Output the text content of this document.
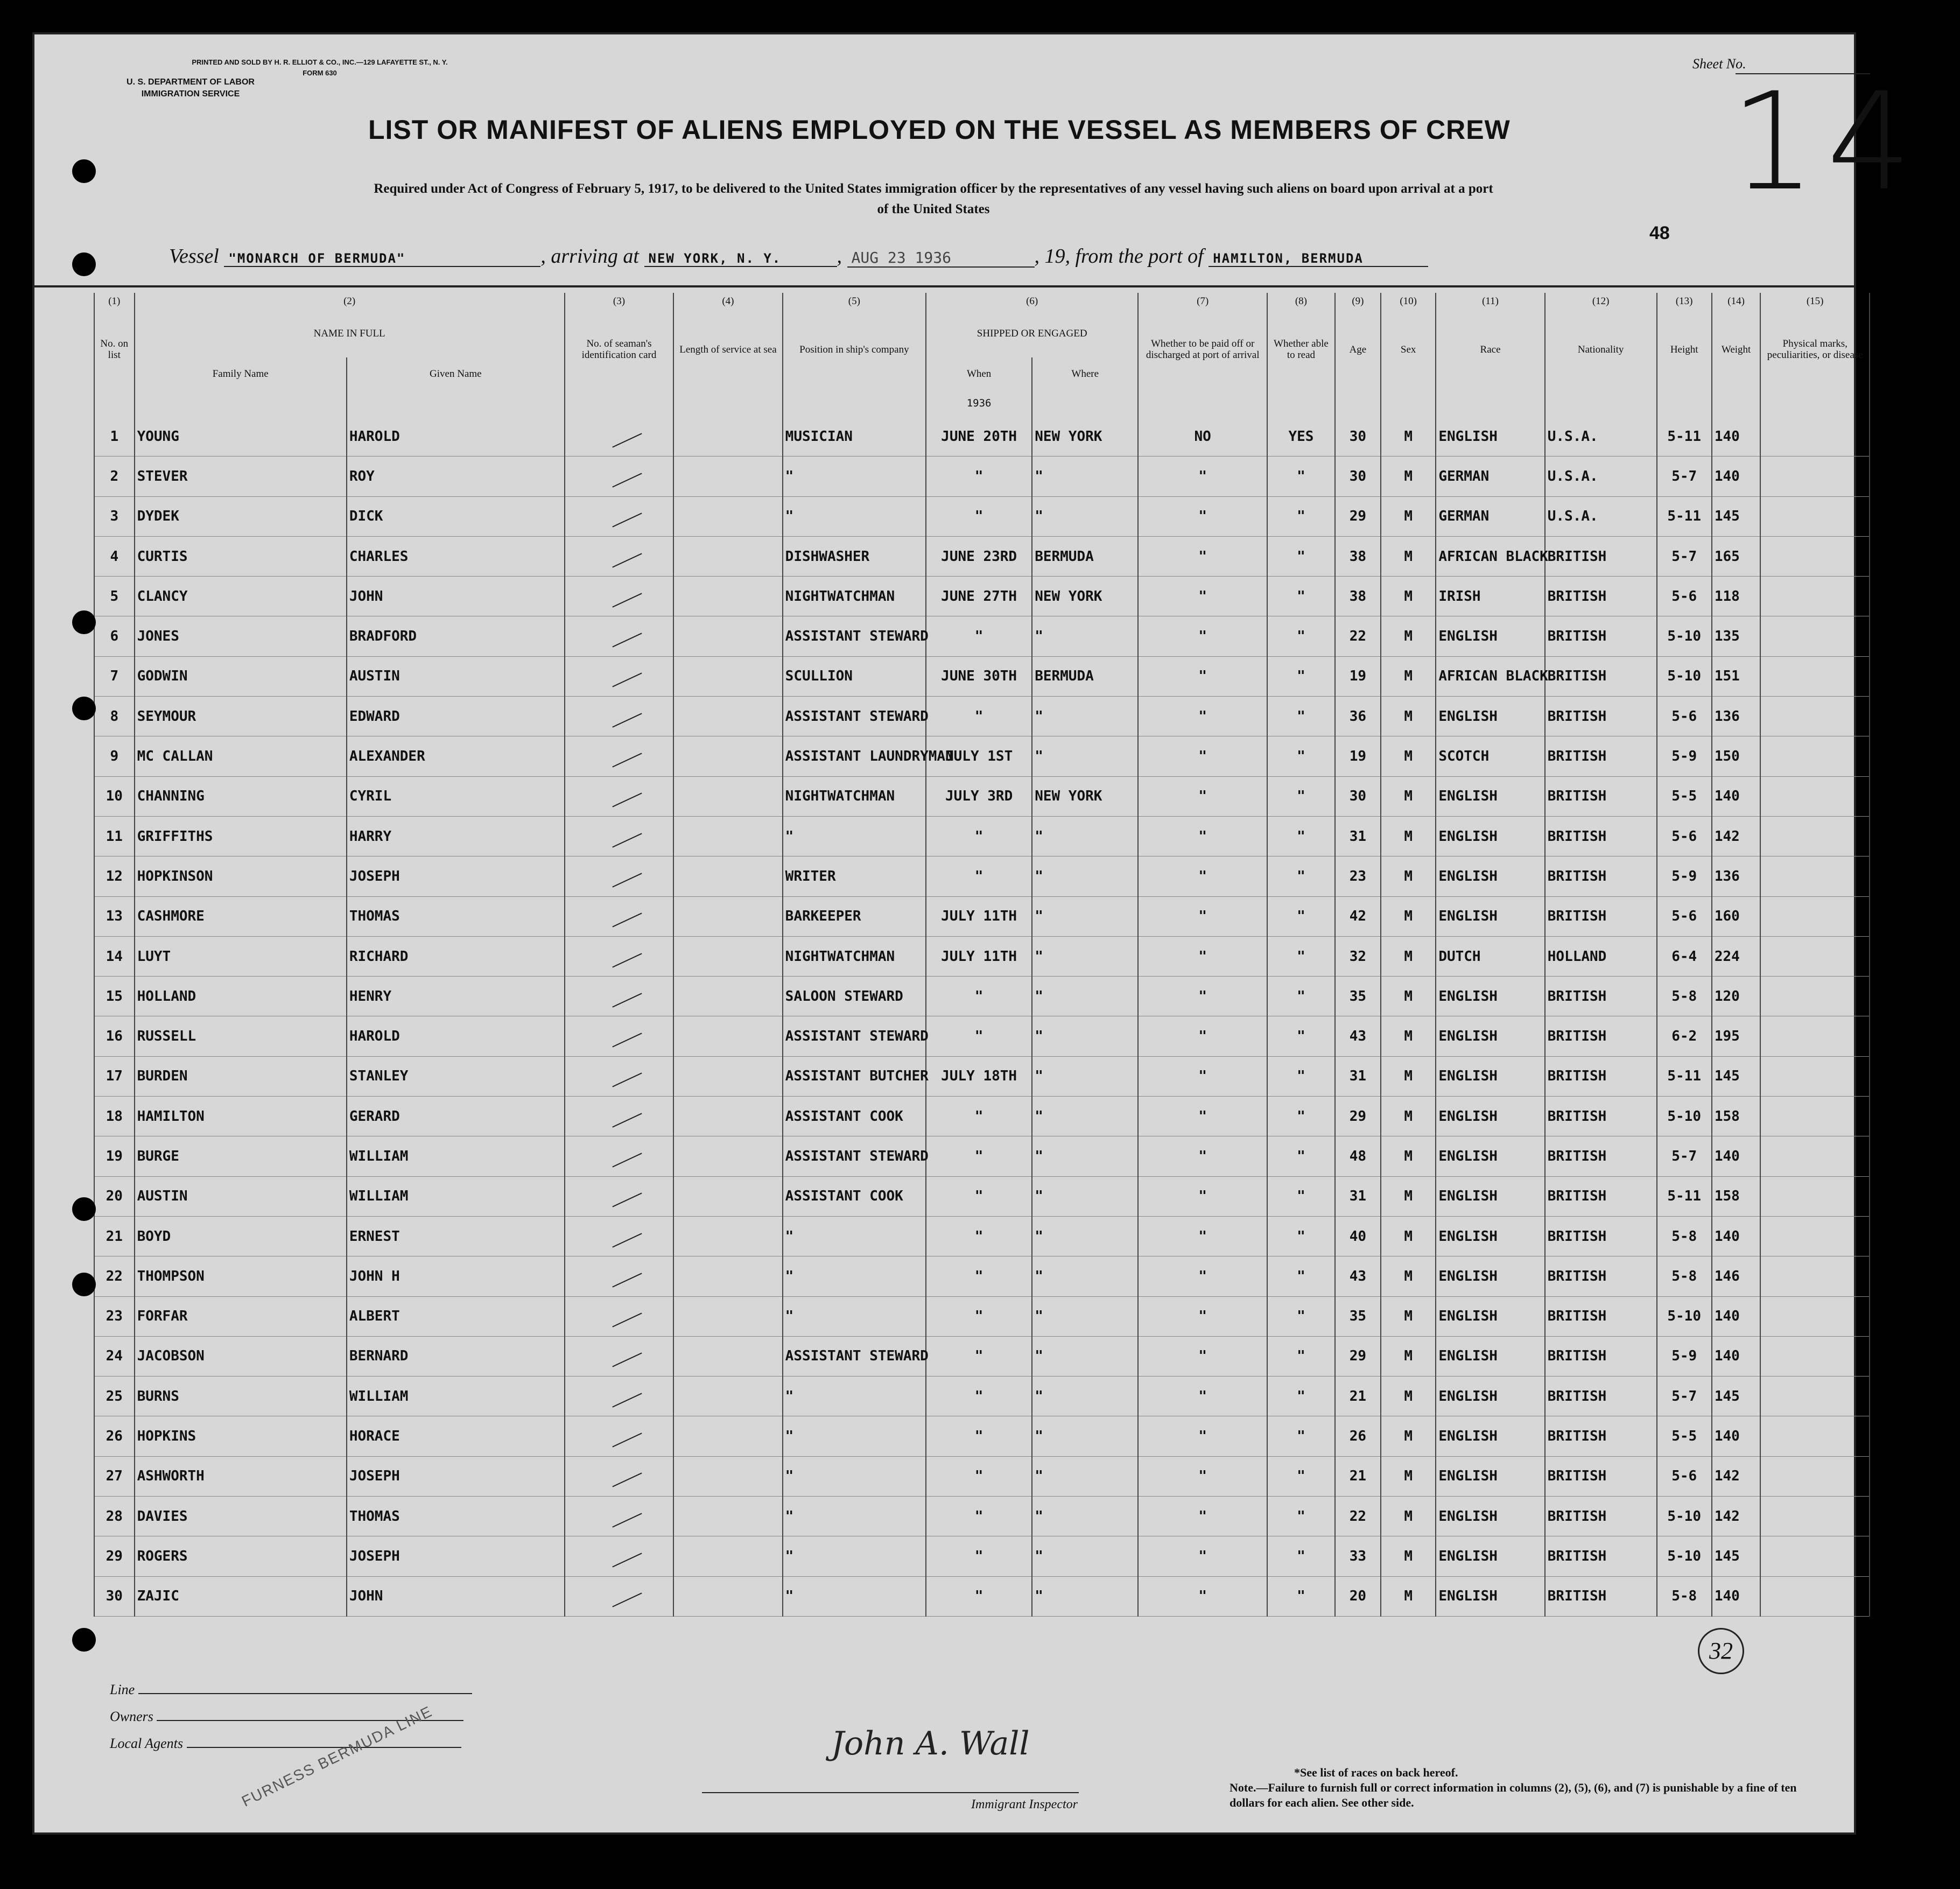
PRINTED AND SOLD BY H. R. ELLIOT & CO., INC.—129 LAFAYETTE ST., N. Y.
FORM 630
U. S. DEPARTMENT OF LABOR
IMMIGRATION SERVICE
Sheet No.
14
LIST OR MANIFEST OF ALIENS EMPLOYED ON THE VESSEL AS MEMBERS OF CREW
Required under Act of Congress of February 5, 1917, to be delivered to the United States immigration officer by the representatives of any vessel having such aliens on board upon arrival at a port
of the United States
48
Vessel "MONARCH OF BERMUDA"	, arriving at NEW YORK, N. Y.	, AUG 23 1936	, 19, from the port of HAMILTON, BERMUDA
(1)	(2)		(3)	(4)	(5)	(6)		(7)	(8)	(9)	(10)	(11)	(12)	(13)	(14)	(15)
No. on list	NAME IN FULL		No. of seaman's identification card	Length of service at sea	Position in ship's company	SHIPPED OR ENGAGED		Whether to be paid off or discharged at port of arrival	Whether able to read	Age	Sex	Race	Nationality	Height	Weight	Physical marks, peculiarities, or disease
	Family Name	Given Name				When	Where									
						1936										
1	YOUNG	HAROLD			MUSICIAN	JUNE 20TH	NEW YORK	NO	YES	30	M	ENGLISH	U.S.A.	5-11	140	
2	STEVER	ROY			"	"	"	"	"	30	M	GERMAN	U.S.A.	5-7	140	
3	DYDEK	DICK			"	"	"	"	"	29	M	GERMAN	U.S.A.	5-11	145	
4	CURTIS	CHARLES			DISHWASHER	JUNE 23RD	BERMUDA	"	"	38	M	AFRICAN BLACK	BRITISH	5-7	165	
5	CLANCY	JOHN			NIGHTWATCHMAN	JUNE 27TH	NEW YORK	"	"	38	M	IRISH	BRITISH	5-6	118	
6	JONES	BRADFORD			ASSISTANT STEWARD	"	"	"	"	22	M	ENGLISH	BRITISH	5-10	135	
7	GODWIN	AUSTIN			SCULLION	JUNE 30TH	BERMUDA	"	"	19	M	AFRICAN BLACK	BRITISH	5-10	151	
8	SEYMOUR	EDWARD			ASSISTANT STEWARD	"	"	"	"	36	M	ENGLISH	BRITISH	5-6	136	
9	MC CALLAN	ALEXANDER			ASSISTANT LAUNDRYMAN	JULY 1ST	"	"	"	19	M	SCOTCH	BRITISH	5-9	150	
10	CHANNING	CYRIL			NIGHTWATCHMAN	JULY 3RD	NEW YORK	"	"	30	M	ENGLISH	BRITISH	5-5	140	
11	GRIFFITHS	HARRY			"	"	"	"	"	31	M	ENGLISH	BRITISH	5-6	142	
12	HOPKINSON	JOSEPH			WRITER	"	"	"	"	23	M	ENGLISH	BRITISH	5-9	136	
13	CASHMORE	THOMAS			BARKEEPER	JULY 11TH	"	"	"	42	M	ENGLISH	BRITISH	5-6	160	
14	LUYT	RICHARD			NIGHTWATCHMAN	JULY 11TH	"	"	"	32	M	DUTCH	HOLLAND	6-4	224	
15	HOLLAND	HENRY			SALOON STEWARD	"	"	"	"	35	M	ENGLISH	BRITISH	5-8	120	
16	RUSSELL	HAROLD			ASSISTANT STEWARD	"	"	"	"	43	M	ENGLISH	BRITISH	6-2	195	
17	BURDEN	STANLEY			ASSISTANT BUTCHER	JULY 18TH	"	"	"	31	M	ENGLISH	BRITISH	5-11	145	
18	HAMILTON	GERARD			ASSISTANT COOK	"	"	"	"	29	M	ENGLISH	BRITISH	5-10	158	
19	BURGE	WILLIAM			ASSISTANT STEWARD	"	"	"	"	48	M	ENGLISH	BRITISH	5-7	140	
20	AUSTIN	WILLIAM			ASSISTANT COOK	"	"	"	"	31	M	ENGLISH	BRITISH	5-11	158	
21	BOYD	ERNEST			"	"	"	"	"	40	M	ENGLISH	BRITISH	5-8	140	
22	THOMPSON	JOHN H			"	"	"	"	"	43	M	ENGLISH	BRITISH	5-8	146	
23	FORFAR	ALBERT			"	"	"	"	"	35	M	ENGLISH	BRITISH	5-10	140	
24	JACOBSON	BERNARD			ASSISTANT STEWARD	"	"	"	"	29	M	ENGLISH	BRITISH	5-9	140	
25	BURNS	WILLIAM			"	"	"	"	"	21	M	ENGLISH	BRITISH	5-7	145	
26	HOPKINS	HORACE			"	"	"	"	"	26	M	ENGLISH	BRITISH	5-5	140	
27	ASHWORTH	JOSEPH			"	"	"	"	"	21	M	ENGLISH	BRITISH	5-6	142	
28	DAVIES	THOMAS			"	"	"	"	"	22	M	ENGLISH	BRITISH	5-10	142	
29	ROGERS	JOSEPH			"	"	"	"	"	33	M	ENGLISH	BRITISH	5-10	145	
30	ZAJIC	JOHN			"	"	"	"	"	20	M	ENGLISH	BRITISH	5-8	140	
32
Line
Owners
Local Agents	FURNESS BERMUDA LINE	John A. Wall
Immigrant Inspector
*See list of races on back hereof.
Note.—Failure to furnish full or correct information in columns (2), (5), (6), and (7) is punishable by a fine of ten dollars for each alien. See other side.
